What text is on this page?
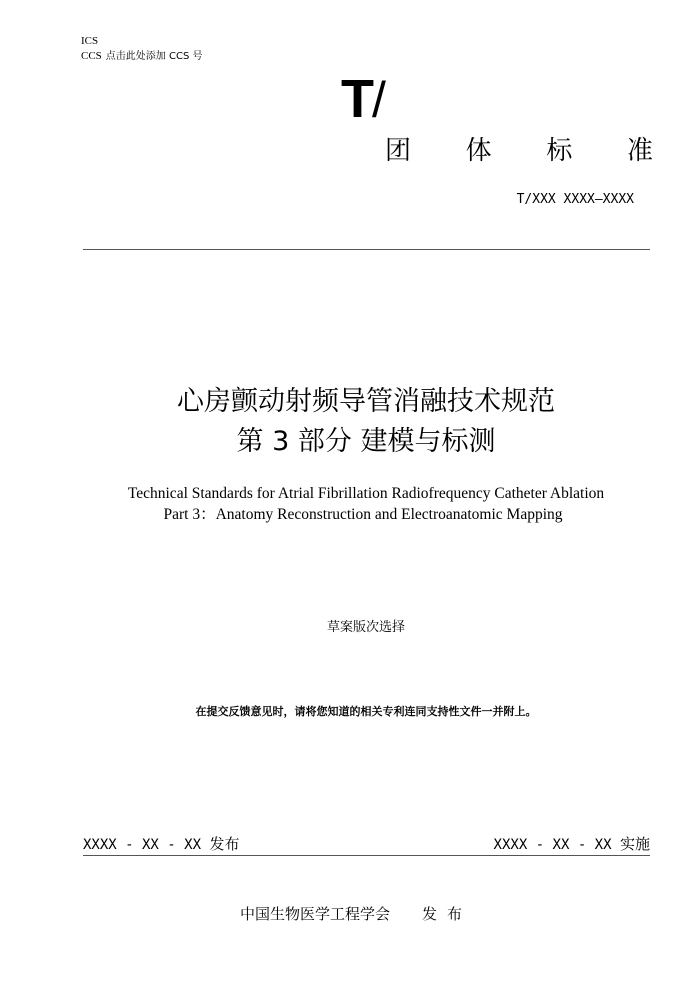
ICS
CCS 点击此处添加 CCS 号
T/
团 体 标 准
T/XXX XXXX—XXXX
心房颤动射频导管消融技术规范
第 3 部分 建模与标测
Technical Standards for Atrial Fibrillation Radiofrequency Catheter Ablation
Part 3：Anatomy Reconstruction and Electroanatomic Mapping
草案版次选择
在提交反馈意见时，请将您知道的相关专利连同支持性文件一并附上。
XXXX - XX - XX 发布	XXXX - XX - XX 实施
中国生物医学工程学会 发布
